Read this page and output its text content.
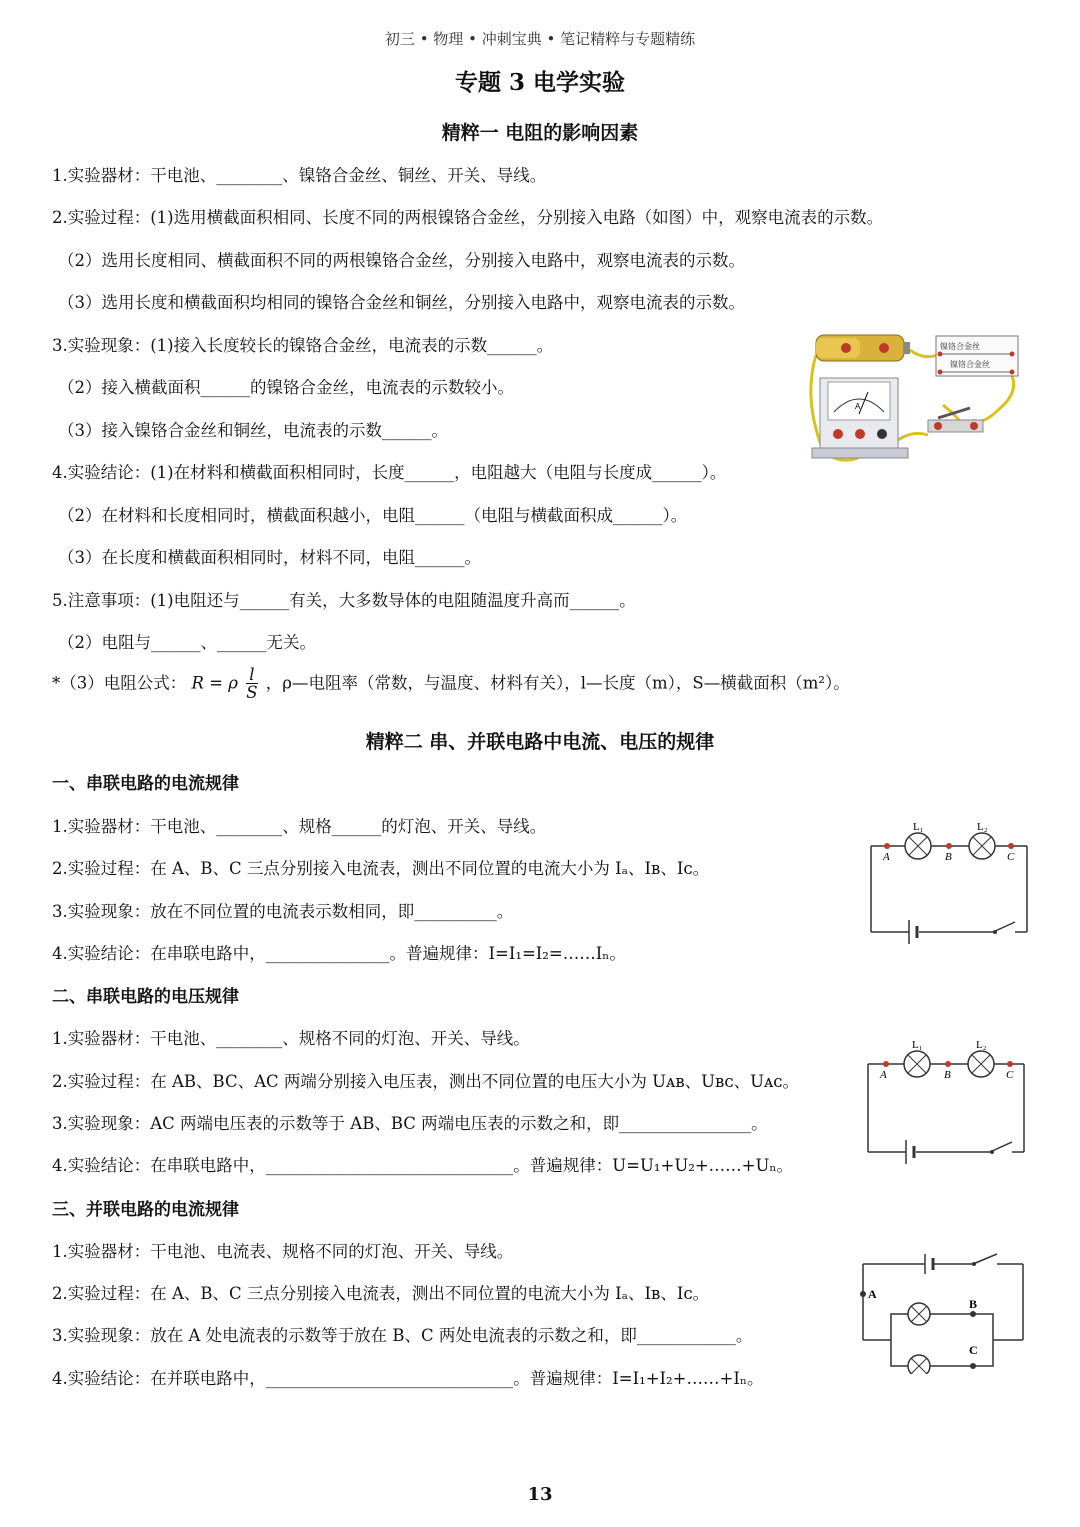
初三 • 物理 • 冲刺宝典 • 笔记精粹与专题精练
专题 3 电学实验
精粹一 电阻的影响因素
1.实验器材：干电池、________、镍铬合金丝、铜丝、开关、导线。
2.实验过程：(1)选用横截面积相同、长度不同的两根镍铬合金丝，分别接入电路（如图）中，观察电流表的示数。
（2）选用长度相同、横截面积不同的两根镍铬合金丝，分别接入电路中，观察电流表的示数。
（3）选用长度和横截面积均相同的镍铬合金丝和铜丝，分别接入电路中，观察电流表的示数。
3.实验现象：(1)接入长度较长的镍铬合金丝，电流表的示数______。
（2）接入横截面积______的镍铬合金丝，电流表的示数较小。
（3）接入镍铬合金丝和铜丝，电流表的示数______。
4.实验结论：(1)在材料和横截面积相同时，长度______，电阻越大（电阻与长度成______）。
（2）在材料和长度相同时，横截面积越小，电阻______（电阻与横截面积成______）。
（3）在长度和横截面积相同时，材料不同，电阻______。
5.注意事项：(1)电阻还与______有关，大多数导体的电阻随温度升高而______。
（2）电阻与______、______无关。
*（3）电阻公式： R = ρ $\frac{l}{S}$ ，ρ—电阻率（常数，与温度、材料有关），l—长度（m），S—横截面积（m²）。
镍铬合金丝
镍铬合金丝
A
精粹二 串、并联电路中电流、电压的规律
一、串联电路的电流规律
1.实验器材：干电池、________、规格______的灯泡、开关、导线。
2.实验过程：在 A、B、C 三点分别接入电流表，测出不同位置的电流大小为 Iₐ、Iʙ、Iᴄ。
3.实验现象：放在不同位置的电流表示数相同，即__________。
4.实验结论：在串联电路中，_______________。普遍规律：I=I₁=I₂=……Iₙ。
二、串联电路的电压规律
1.实验器材：干电池、________、规格不同的灯泡、开关、导线。
2.实验过程：在 AB、BC、AC 两端分别接入电压表，测出不同位置的电压大小为 Uᴀʙ、Uʙᴄ、Uᴀᴄ。
3.实验现象：AC 两端电压表的示数等于 AB、BC 两端电压表的示数之和，即________________。
4.实验结论：在串联电路中，______________________________。普遍规律：U=U₁+U₂+……+Uₙ。
三、并联电路的电流规律
1.实验器材：干电池、电流表、规格不同的灯泡、开关、导线。
2.实验过程：在 A、B、C 三点分别接入电流表，测出不同位置的电流大小为 Iₐ、Iʙ、Iᴄ。
3.实验现象：放在 A 处电流表的示数等于放在 B、C 两处电流表的示数之和，即____________。
4.实验结论：在并联电路中，______________________________。普遍规律：I=I₁+I₂+……+Iₙ。
L₁	L₂
A	B	C
L₁	L₂
A	B	C
A
B
C
13
